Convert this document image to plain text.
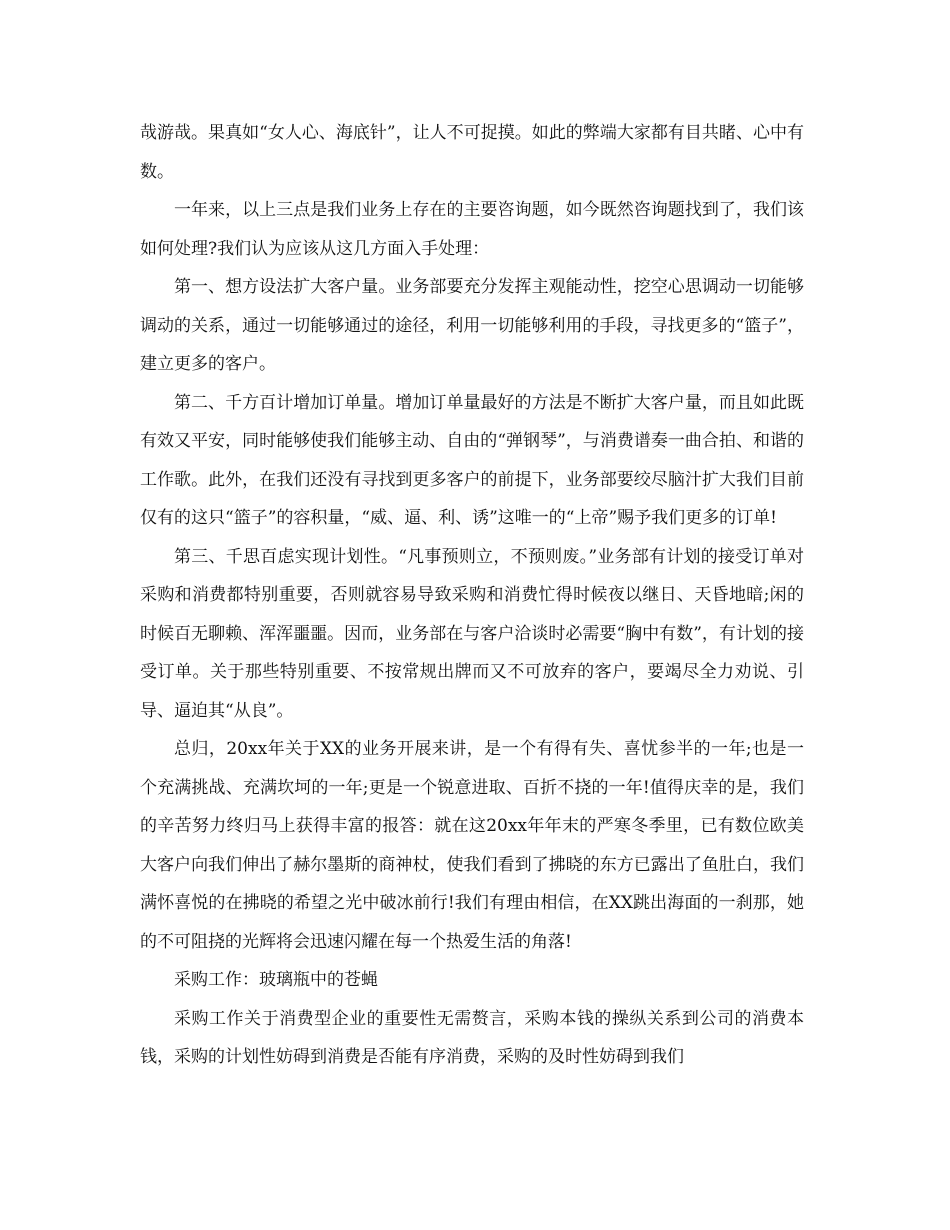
哉游哉。果真如“女人心、海底针”，让人不可捉摸。如此的弊端大家都有目共睹、心中有数。

一年来，以上三点是我们业务上存在的主要咨询题，如今既然咨询题找到了，我们该如何处理?我们认为应该从这几方面入手处理：

第一、想方设法扩大客户量。业务部要充分发挥主观能动性，挖空心思调动一切能够调动的关系，通过一切能够通过的途径，利用一切能够利用的手段，寻找更多的“篮子”，建立更多的客户。

第二、千方百计增加订单量。增加订单量最好的方法是不断扩大客户量，而且如此既有效又平安，同时能够使我们能够主动、自由的“弹钢琴”，与消费谱奏一曲合拍、和谐的工作歌。此外，在我们还没有寻找到更多客户的前提下，业务部要绞尽脑汁扩大我们目前仅有的这只“篮子”的容积量，“威、逼、利、诱”这唯一的“上帝”赐予我们更多的订单!

第三、千思百虑实现计划性。“凡事预则立，不预则废。”业务部有计划的接受订单对采购和消费都特别重要，否则就容易导致采购和消费忙得时候夜以继日、天昏地暗;闲的时候百无聊赖、浑浑噩噩。因而，业务部在与客户洽谈时必需要“胸中有数”，有计划的接受订单。关于那些特别重要、不按常规出牌而又不可放弃的客户，要竭尽全力劝说、引导、逼迫其“从良”。

总归，20xx年关于XX的业务开展来讲，是一个有得有失、喜忧参半的一年;也是一个充满挑战、充满坎坷的一年;更是一个锐意进取、百折不挠的一年!值得庆幸的是，我们的辛苦努力终归马上获得丰富的报答：就在这20xx年年末的严寒冬季里，已有数位欧美大客户向我们伸出了赫尔墨斯的商神杖，使我们看到了拂晓的东方已露出了鱼肚白，我们满怀喜悦的在拂晓的希望之光中破冰前行!我们有理由相信，在XX跳出海面的一刹那，她的不可阻挠的光辉将会迅速闪耀在每一个热爱生活的角落!

采购工作：玻璃瓶中的苍蝇

采购工作关于消费型企业的重要性无需赘言，采购本钱的操纵关系到公司的消费本钱，采购的计划性妨碍到消费是否能有序消费，采购的及时性妨碍到我们
